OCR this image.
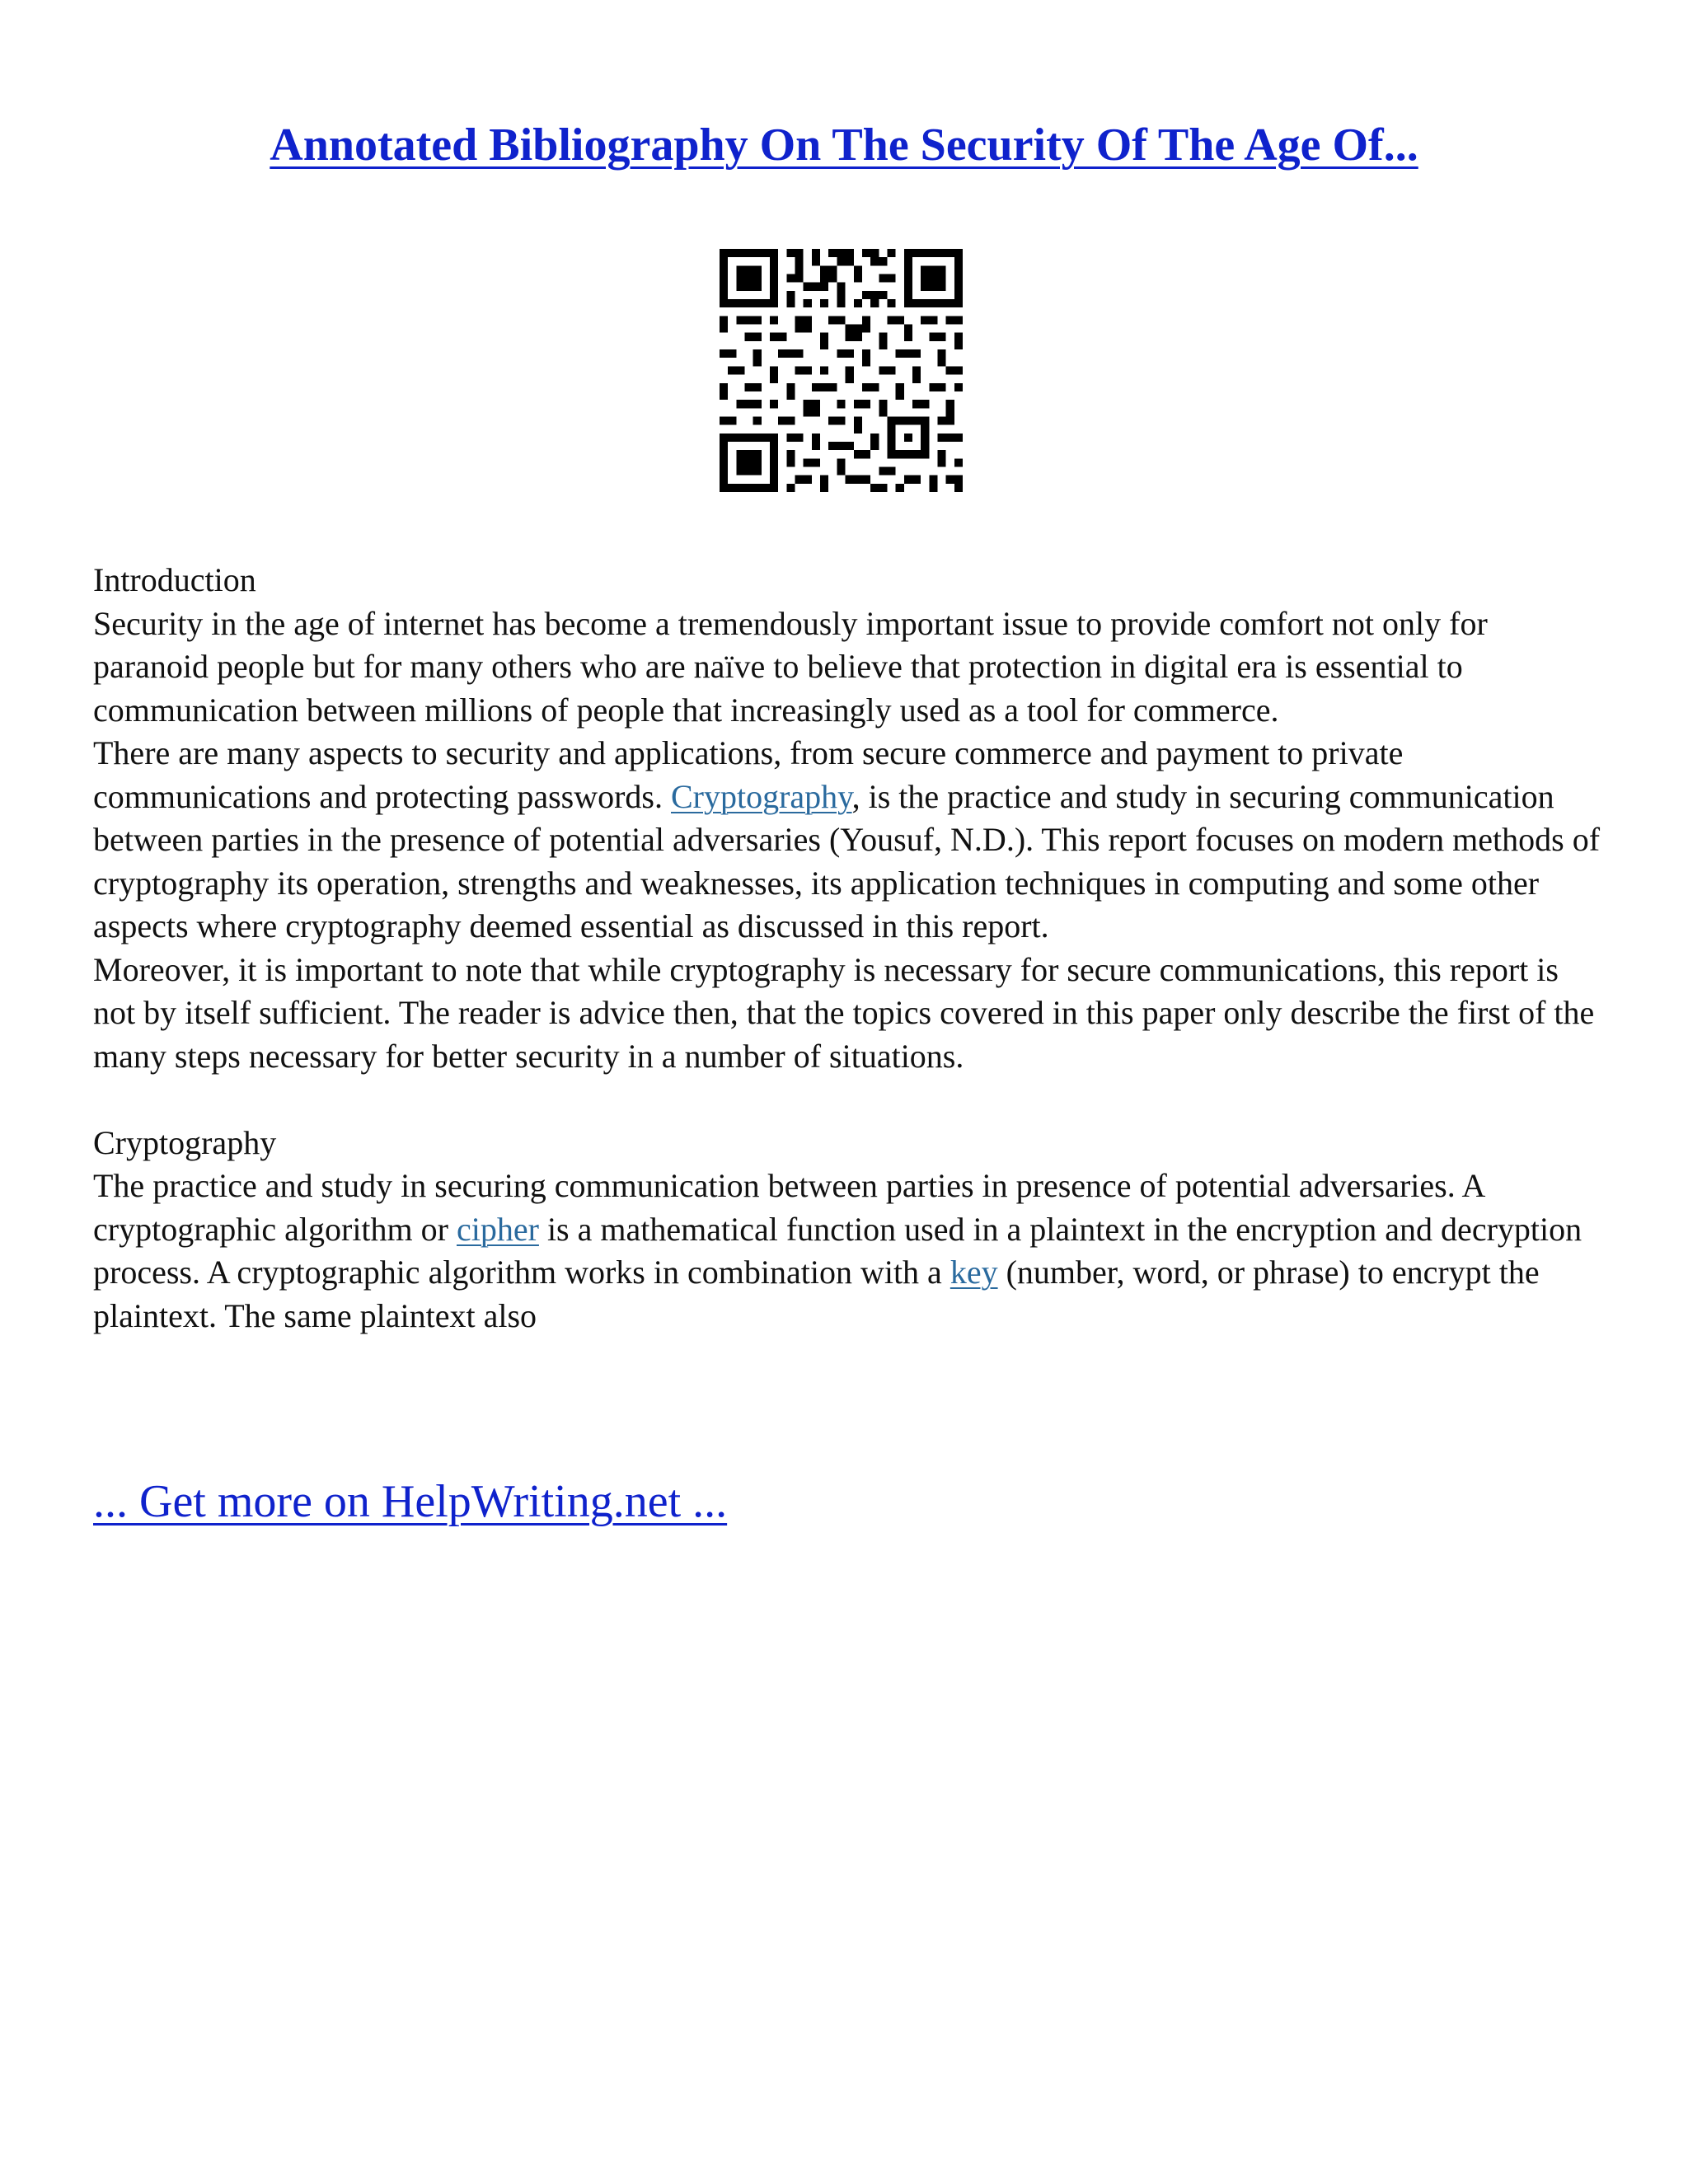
Annotated Bibliography On The Security Of The Age Of...

Introduction

Security in the age of internet has become a tremendously important issue to provide comfort not only for paranoid people but for many others who are naïve to believe that protection in digital era is essential to communication between millions of people that increasingly used as a tool for commerce.

There are many aspects to security and applications, from secure commerce and payment to private communications and protecting passwords. Cryptography, is the practice and study in securing communication between parties in the presence of potential adversaries (Yousuf, N.D.). This report focuses on modern methods of cryptography its operation, strengths and weaknesses, its application techniques in computing and some other aspects where cryptography deemed essential as discussed in this report.

Moreover, it is important to note that while cryptography is necessary for secure communications, this report is not by itself sufficient. The reader is advice then, that the topics covered in this paper only describe the first of the many steps necessary for better security in a number of situations.

Cryptography

The practice and study in securing communication between parties in presence of potential adversaries. A cryptographic algorithm or cipher is a mathematical function used in a plaintext in the encryption and decryption process. A cryptographic algorithm works in combination with a key (number, word, or phrase) to encrypt the plaintext. The same plaintext also

... Get more on HelpWriting.net ...
